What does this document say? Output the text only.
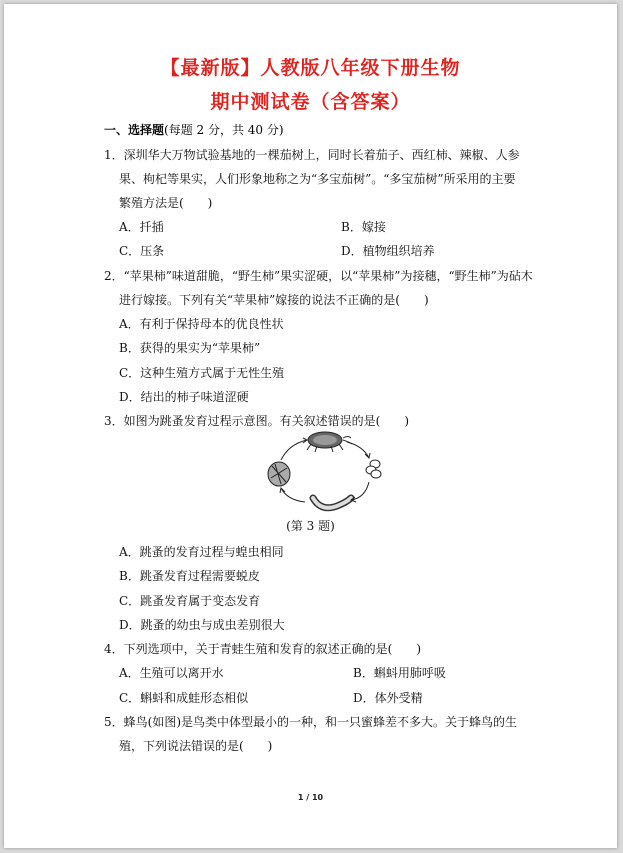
【最新版】人教版八年级下册生物
期中测试卷（含答案）
一、选择题(每题 2 分，共 40 分)
1．深圳华大万物试验基地的一棵茄树上，同时长着茄子、西红柿、辣椒、人参
果、枸杞等果实，人们形象地称之为“多宝茄树”。“多宝茄树”所采用的主要
繁殖方法是(　　)
A．扦插	B．嫁接
C．压条	D．植物组织培养
2．“苹果柿”味道甜脆，“野生柿”果实涩硬，以“苹果柿”为接穗，“野生柿”为砧木
进行嫁接。下列有关“苹果柿”嫁接的说法不正确的是(　　)
A．有利于保持母本的优良性状
B．获得的果实为“苹果柿”
C．这种生殖方式属于无性生殖
D．结出的柿子味道涩硬
3．如图为跳蚤发育过程示意图。有关叙述错误的是(　　)
(第 3 题)
A．跳蚤的发育过程与蝗虫相同
B．跳蚤发育过程需要蜕皮
C．跳蚤发育属于变态发育
D．跳蚤的幼虫与成虫差别很大
4．下列选项中，关于青蛙生殖和发育的叙述正确的是(　　)
A．生殖可以离开水	B．蝌蚪用肺呼吸
C．蝌蚪和成蛙形态相似	D．体外受精
5．蜂鸟(如图)是鸟类中体型最小的一种，和一只蜜蜂差不多大。关于蜂鸟的生
殖，下列说法错误的是(　　)
1 / 10
